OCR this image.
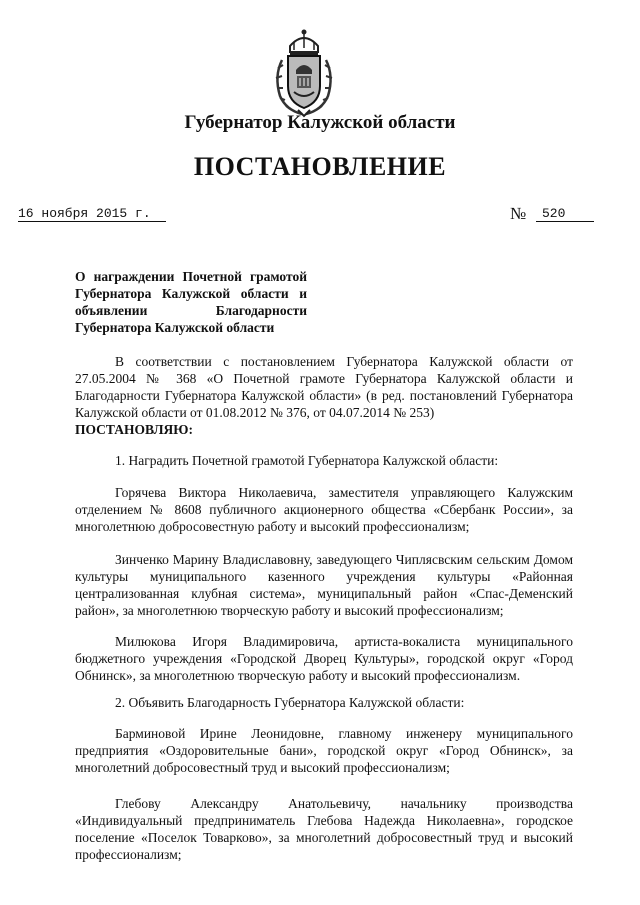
Губернатор Калужской области
ПОСТАНОВЛЕНИЕ
16 ноября 2015 г.	№	520
О награждении Почетной грамотой Губернатора Калужской области и объявлении Благодарности Губернатора Калужской области
В соответствии с постановлением Губернатора Калужской области от 27.05.2004 № 368 «О Почетной грамоте Губернатора Калужской области и Благодарности Губернатора Калужской области» (в ред. постановлений Губернатора Калужской области от 01.08.2012 № 376, от 04.07.2014 № 253)
ПОСТАНОВЛЯЮ:
1. Наградить Почетной грамотой Губернатора Калужской области:
Горячева Виктора Николаевича, заместителя управляющего Калужским отделением № 8608 публичного акционерного общества «Сбербанк России», за многолетнюю добросовестную работу и высокий профессионализм;
Зинченко Марину Владиславовну, заведующего Чиплясвским сельским Домом культуры муниципального казенного учреждения культуры «Районная централизованная клубная система», муниципальный район «Спас-Деменский район», за многолетнюю творческую работу и высокий профессионализм;
Милюкова Игоря Владимировича, артиста-вокалиста муниципального бюджетного учреждения «Городской Дворец Культуры», городской округ «Город Обнинск», за многолетнюю творческую работу и высокий профессионализм.
2. Объявить Благодарность Губернатора Калужской области:
Барминовой Ирине Леонидовне, главному инженеру муниципального предприятия «Оздоровительные бани», городской округ «Город Обнинск», за многолетний добросовестный труд и высокий профессионализм;
Глебову Александру Анатольевичу, начальнику производства «Индивидуальный предприниматель Глебова Надежда Николаевна», городское поселение «Поселок Товарково», за многолетний добросовестный труд и высокий профессионализм;
